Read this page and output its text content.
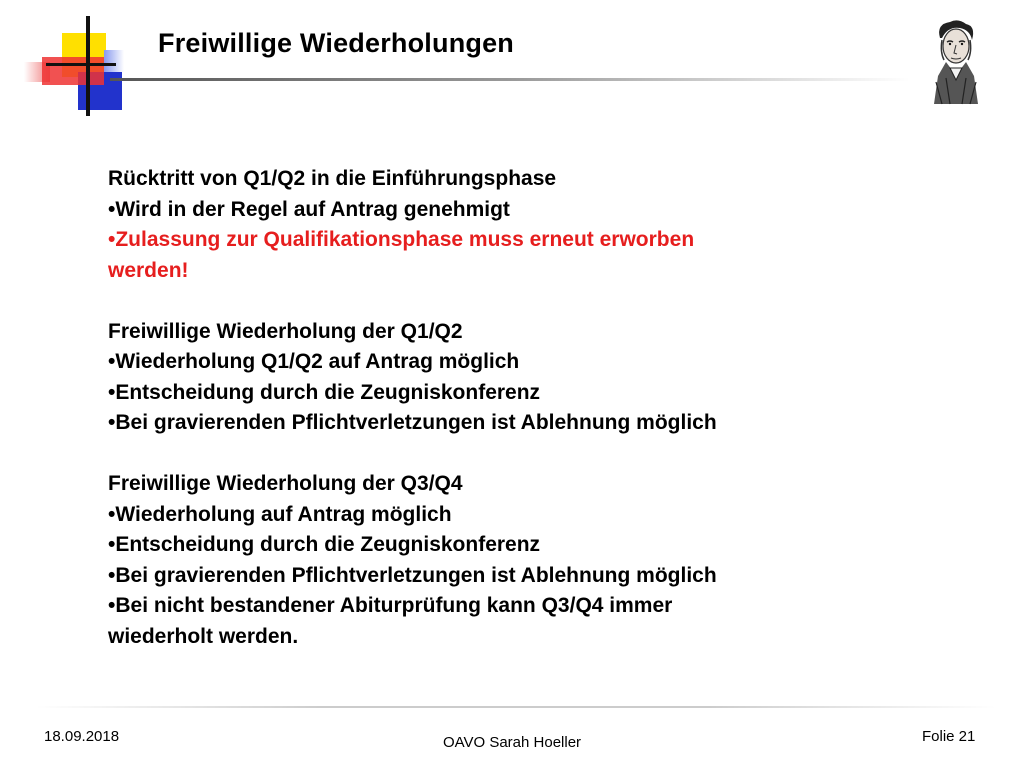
Freiwillige Wiederholungen
Rücktritt von Q1/Q2 in die Einführungsphase
•Wird in der Regel auf Antrag genehmigt
•Zulassung zur Qualifikationsphase muss erneut erworben
werden!
Freiwillige Wiederholung der Q1/Q2
•Wiederholung Q1/Q2 auf Antrag möglich
•Entscheidung durch die Zeugniskonferenz
•Bei gravierenden Pflichtverletzungen ist Ablehnung möglich
Freiwillige Wiederholung der Q3/Q4
•Wiederholung auf Antrag möglich
•Entscheidung durch die Zeugniskonferenz
•Bei gravierenden Pflichtverletzungen ist Ablehnung möglich
•Bei nicht bestandener Abiturprüfung kann Q3/Q4 immer
wiederholt werden.
18.09.2018	OAVO Sarah Hoeller	Folie 21
